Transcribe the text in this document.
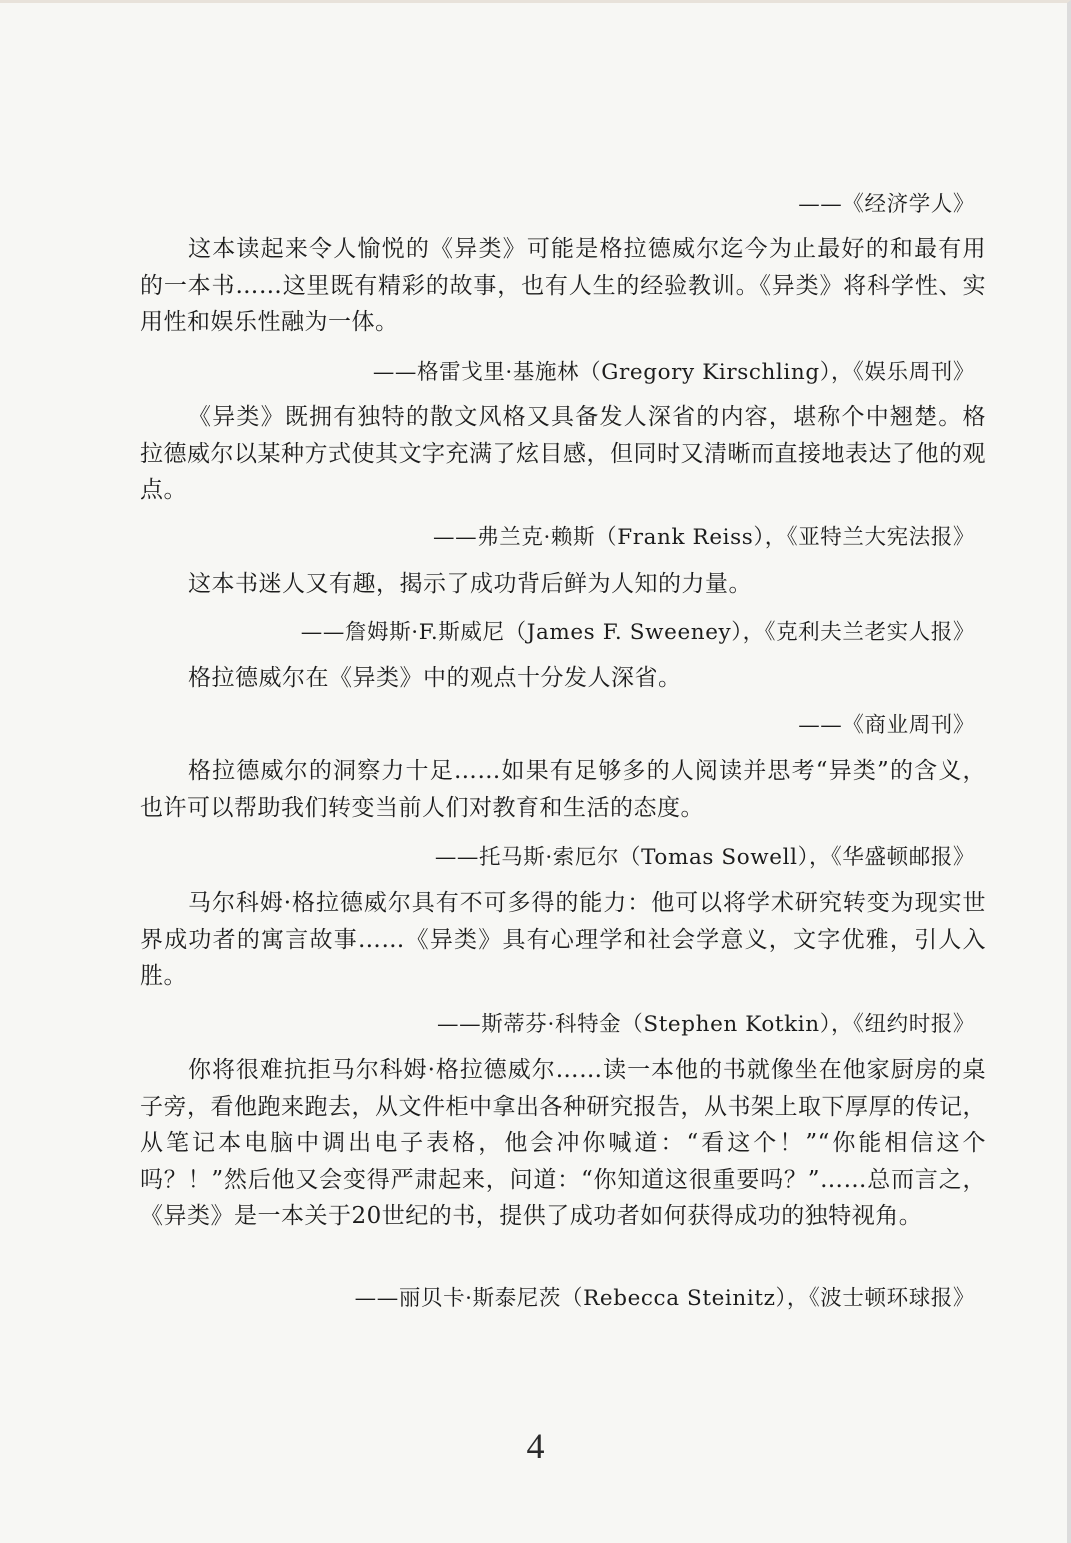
——《经济学人》

这本读起来令人愉悦的《异类》可能是格拉德威尔迄今为止最好的和最有用的一本书……这里既有精彩的故事，也有人生的经验教训。《异类》将科学性、实用性和娱乐性融为一体。

——格雷戈里·基施林（Gregory Kirschling），《娱乐周刊》

《异类》既拥有独特的散文风格又具备发人深省的内容，堪称个中翘楚。格拉德威尔以某种方式使其文字充满了炫目感，但同时又清晰而直接地表达了他的观点。

——弗兰克·赖斯（Frank Reiss），《亚特兰大宪法报》

这本书迷人又有趣，揭示了成功背后鲜为人知的力量。

——詹姆斯·F.斯威尼（James F. Sweeney），《克利夫兰老实人报》

格拉德威尔在《异类》中的观点十分发人深省。

——《商业周刊》

格拉德威尔的洞察力十足……如果有足够多的人阅读并思考“异类”的含义，也许可以帮助我们转变当前人们对教育和生活的态度。

——托马斯·索厄尔（Tomas Sowell），《华盛顿邮报》

马尔科姆·格拉德威尔具有不可多得的能力：他可以将学术研究转变为现实世界成功者的寓言故事……《异类》具有心理学和社会学意义，文字优雅，引人入胜。

——斯蒂芬·科特金（Stephen Kotkin），《纽约时报》

你将很难抗拒马尔科姆·格拉德威尔……读一本他的书就像坐在他家厨房的桌子旁，看他跑来跑去，从文件柜中拿出各种研究报告，从书架上取下厚厚的传记，从笔记本电脑中调出电子表格，他会冲你喊道：“看这个！”“你能相信这个吗？！”然后他又会变得严肃起来，问道：“你知道这很重要吗？”……总而言之，《异类》是一本关于20世纪的书，提供了成功者如何获得成功的独特视角。

——丽贝卡·斯泰尼茨（Rebecca Steinitz），《波士顿环球报》
4
